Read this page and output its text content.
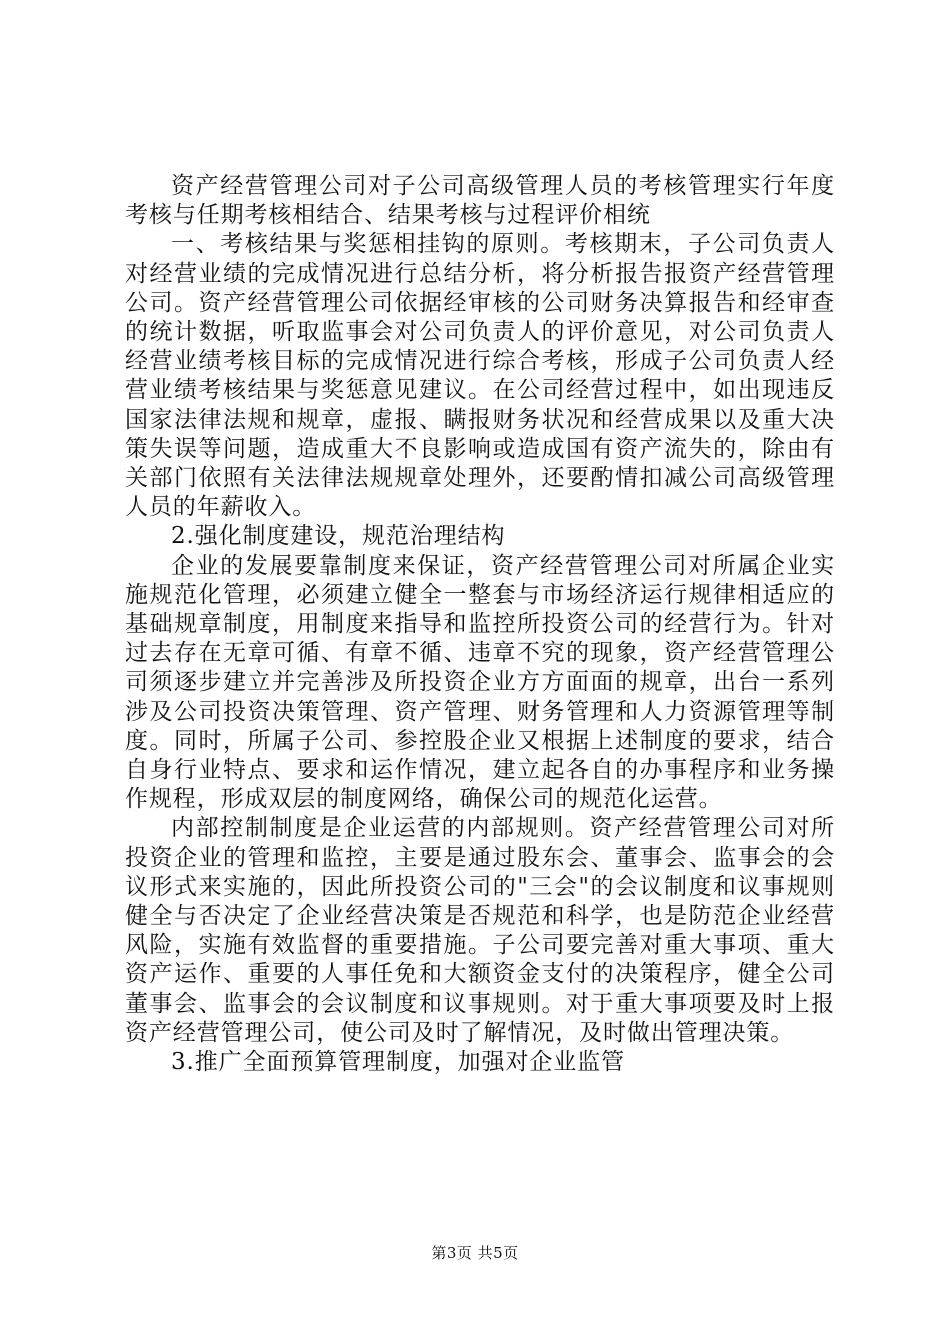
资产经营管理公司对子公司高级管理人员的考核管理实行年度考核与任期考核相结合、结果考核与过程评价相统

一、考核结果与奖惩相挂钩的原则。考核期末，子公司负责人对经营业绩的完成情况进行总结分析，将分析报告报资产经营管理公司。资产经营管理公司依据经审核的公司财务决算报告和经审查的统计数据，听取监事会对公司负责人的评价意见，对公司负责人经营业绩考核目标的完成情况进行综合考核，形成子公司负责人经营业绩考核结果与奖惩意见建议。在公司经营过程中，如出现违反国家法律法规和规章，虚报、瞒报财务状况和经营成果以及重大决策失误等问题，造成重大不良影响或造成国有资产流失的，除由有关部门依照有关法律法规规章处理外，还要酌情扣减公司高级管理人员的年薪收入。

2.强化制度建设，规范治理结构

企业的发展要靠制度来保证，资产经营管理公司对所属企业实施规范化管理，必须建立健全一整套与市场经济运行规律相适应的基础规章制度，用制度来指导和监控所投资公司的经营行为。针对过去存在无章可循、有章不循、违章不究的现象，资产经营管理公司须逐步建立并完善涉及所投资企业方方面面的规章，出台一系列涉及公司投资决策管理、资产管理、财务管理和人力资源管理等制度。同时，所属子公司、参控股企业又根据上述制度的要求，结合自身行业特点、要求和运作情况，建立起各自的办事程序和业务操作规程，形成双层的制度网络，确保公司的规范化运营。

内部控制制度是企业运营的内部规则。资产经营管理公司对所投资企业的管理和监控，主要是通过股东会、董事会、监事会的会议形式来实施的，因此所投资公司的"三会"的会议制度和议事规则健全与否决定了企业经营决策是否规范和科学，也是防范企业经营风险，实施有效监督的重要措施。子公司要完善对重大事项、重大资产运作、重要的人事任免和大额资金支付的决策程序，健全公司董事会、监事会的会议制度和议事规则。对于重大事项要及时上报资产经营管理公司，使公司及时了解情况，及时做出管理决策。

3.推广全面预算管理制度，加强对企业监管

第3页 共5页
